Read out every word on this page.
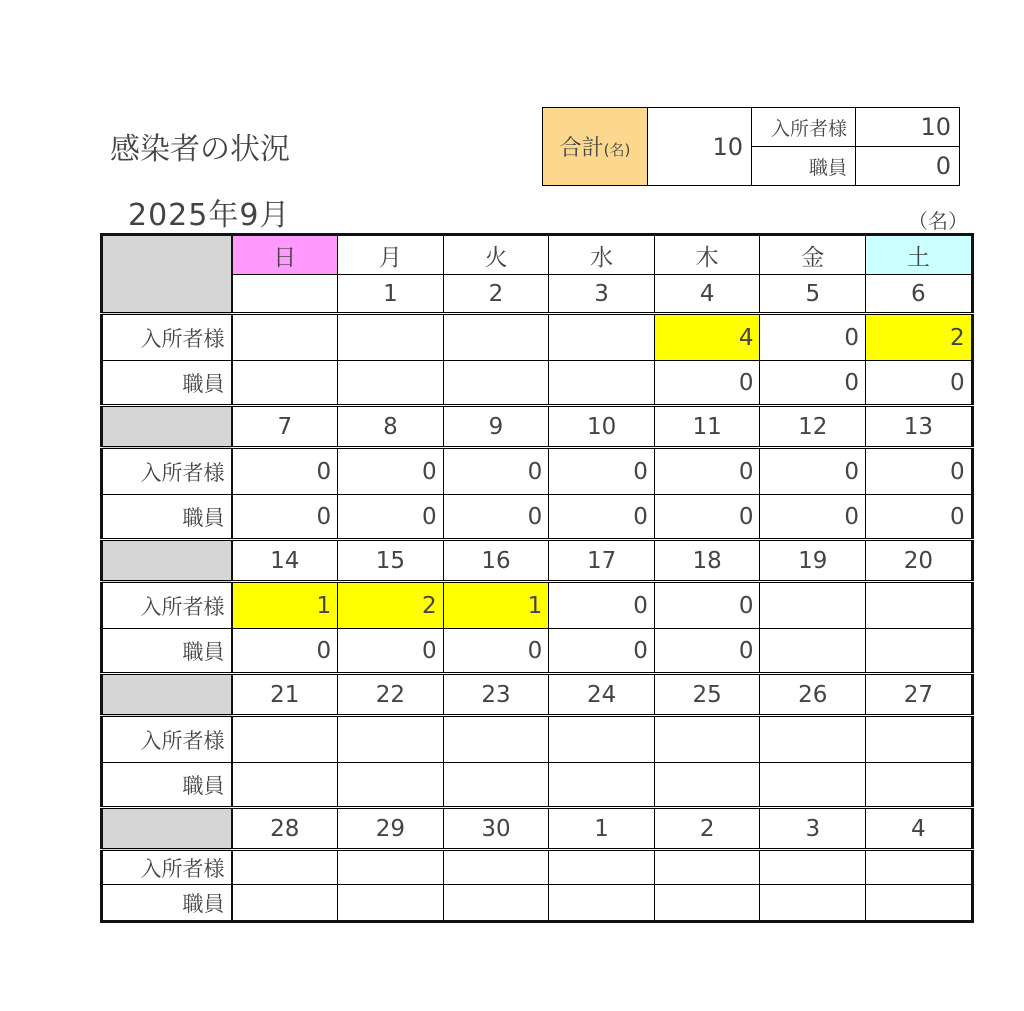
感染者の状況
2025年9月	（名）
合計(名)	10	入所者様	10
		職員	0
	日	月	火	水	木	金	土
		1	2	3	4	5	6
入所者様					4	0	2
職員					0	0	0
	7	8	9	10	11	12	13
入所者様	0	0	0	0	0	0	0
職員	0	0	0	0	0	0	0
	14	15	16	17	18	19	20
入所者様	1	2	1	0	0		
職員	0	0	0	0	0		
	21	22	23	24	25	26	27
入所者様							
職員							
	28	29	30	1	2	3	4
入所者様							
職員							
